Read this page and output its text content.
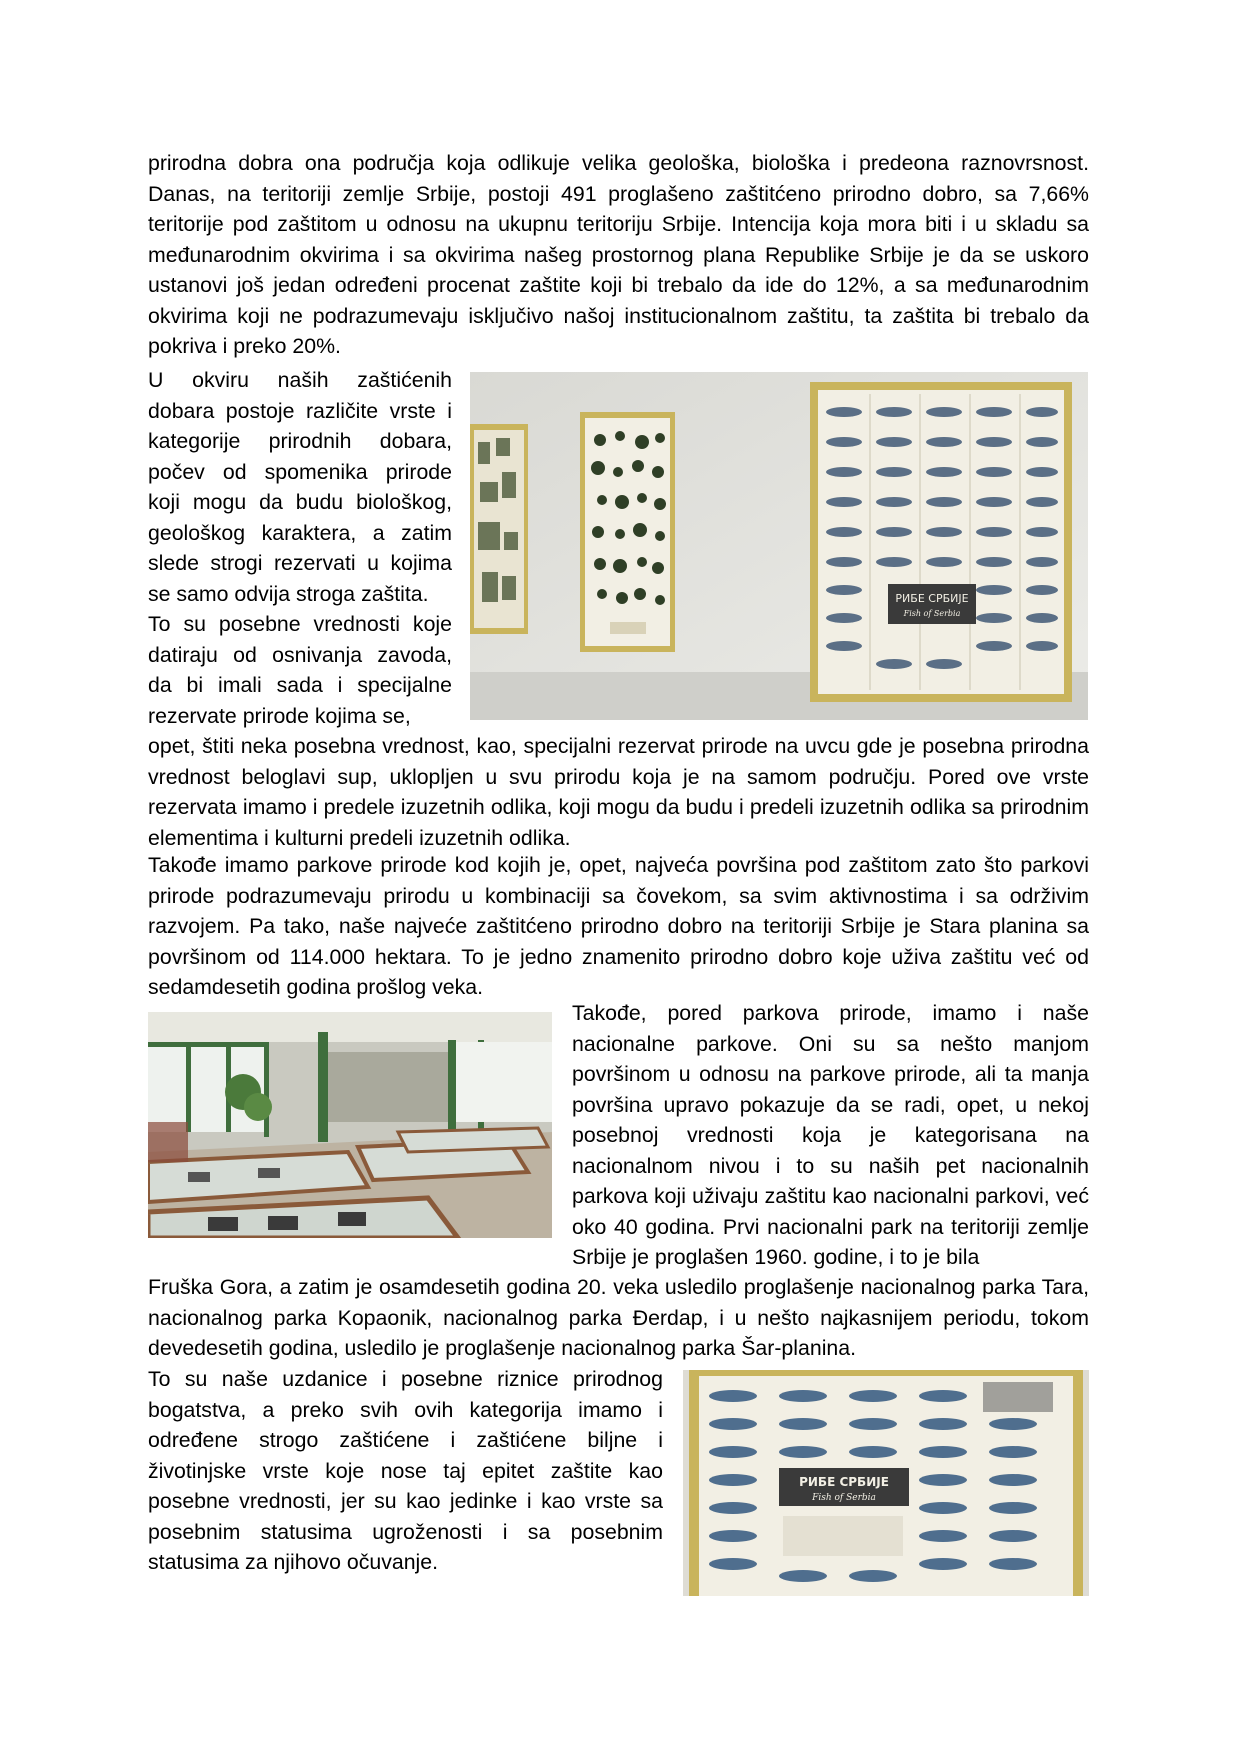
prirodna dobra ona područja koja odlikuje velika geološka, biološka i predeona raznovrsnost. Danas, na teritoriji zemlje Srbije, postoji 491 proglašeno zaštitćeno prirodno dobro, sa 7,66% teritorije pod zaštitom u odnosu na ukupnu teritoriju Srbije. Intencija koja mora biti i u skladu sa međunarodnim okvirima i sa okvirima našeg prostornog plana Republike Srbije je da se uskoro ustanovi još jedan određeni procenat zaštite koji bi trebalo da ide do 12%, a sa međunarodnim okvirima koji ne podrazumevaju isključivo našoj institucionalnom zaštitu, ta zaštita bi trebalo da pokriva i preko 20%.
U okviru naših zaštićenih dobara postoje različite vrste i kategorije prirodnih dobara, počev od spomenika prirode koji mogu da budu biološkog, geološkog karaktera, a zatim slede strogi rezervati u kojima se samo odvija stroga zaštita.
To su posebne vrednosti koje datiraju od osnivanja zavoda, da bi imali sada i specijalne rezervate prirode kojima se,
opet, štiti neka posebna vrednost, kao, specijalni rezervat prirode na uvcu gde je posebna prirodna vrednost beloglavi sup, uklopljen u svu prirodu koja je na samom području. Pored ove vrste rezervata imamo i predele izuzetnih odlika, koji mogu da budu i predeli izuzetnih odlika sa prirodnim elementima i kulturni predeli izuzetnih odlika.
РИБЕ СРБИЈЕ
Fish of Serbia
Takođe imamo parkove prirode kod kojih je, opet, najveća površina pod zaštitom zato što parkovi prirode podrazumevaju prirodu u kombinaciji sa čovekom, sa svim aktivnostima i sa održivim razvojem. Pa tako, naše najveće zaštitćeno prirodno dobro na teritoriji Srbije je Stara planina sa površinom od 114.000 hektara. To je jedno znamenito prirodno dobro koje uživa zaštitu već od sedamdesetih godina prošlog veka.
Takođe, pored parkova prirode, imamo i naše nacionalne parkove. Oni su sa nešto manjom površinom u odnosu na parkove prirode, ali ta manja površina upravo pokazuje da se radi, opet, u nekoj posebnoj vrednosti koja je kategorisana na nacionalnom nivou i to su naših pet nacionalnih parkova koji uživaju zaštitu kao nacionalni parkovi, već oko 40 godina. Prvi nacionalni park na teritoriji zemlje Srbije je proglašen 1960. godine, i to je bila
Fruška Gora, a zatim je osamdesetih godina 20. veka usledilo proglašenje nacionalnog parka Tara, nacionalnog parka Kopaonik, nacionalnog parka Đerdap, i u nešto najkasnijem periodu, tokom devedesetih godina, usledilo je proglašenje nacionalnog parka Šar-planina.
To su naše uzdanice i posebne riznice prirodnog bogatstva, a preko svih ovih kategorija imamo i određene strogo zaštićene i zaštićene biljne i životinjske vrste koje nose taj epitet zaštite kao posebne vrednosti, jer su kao jedinke i kao vrste sa posebnim statusima ugroženosti i sa posebnim statusima za njihovo očuvanje.
РИБЕ СРБИЈЕ
Fish of Serbia
